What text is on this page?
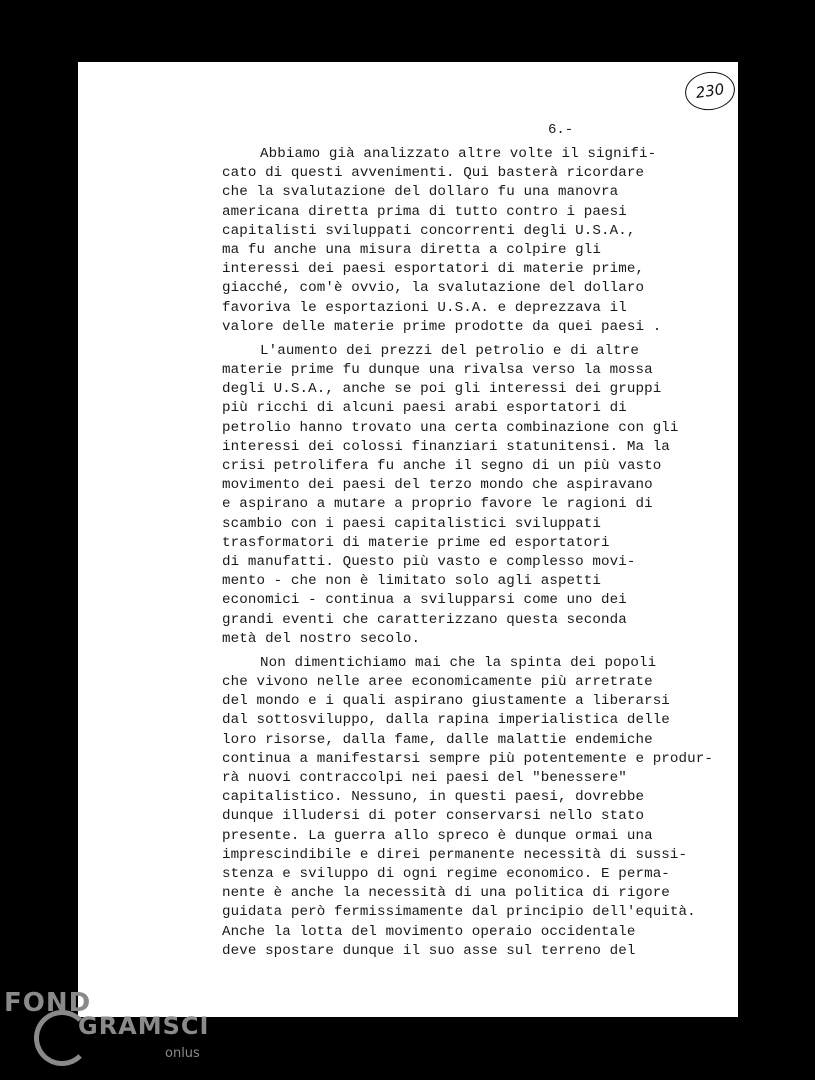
230
6.-
Abbiamo già analizzato altre volte il signifi-
cato di questi avvenimenti. Qui basterà ricordare
che la svalutazione del dollaro fu una manovra
americana diretta prima di tutto contro i paesi
capitalisti sviluppati concorrenti degli U.S.A.,
ma fu anche una misura diretta a colpire gli
interessi dei paesi esportatori di materie prime,
giacché, com'è ovvio, la svalutazione del dollaro
favoriva le esportazioni U.S.A. e deprezzava il
valore delle materie prime prodotte da quei paesi .
L'aumento dei prezzi del petrolio e di altre
materie prime fu dunque una rivalsa verso la mossa
degli U.S.A., anche se poi gli interessi dei gruppi
più ricchi di alcuni paesi arabi esportatori di
petrolio hanno trovato una certa combinazione con gli
interessi dei colossi finanziari statunitensi. Ma la
crisi petrolifera fu anche il segno di un più vasto
movimento dei paesi del terzo mondo che aspiravano
e aspirano a mutare a proprio favore le ragioni di
scambio con i paesi capitalistici sviluppati
trasformatori di materie prime ed esportatori
di manufatti. Questo più vasto e complesso movi-
mento - che non è limitato solo agli aspetti
economici - continua a svilupparsi come uno dei
grandi eventi che caratterizzano questa seconda
metà del nostro secolo.
Non dimentichiamo mai che la spinta dei popoli
che vivono nelle aree economicamente più arretrate
del mondo e i quali aspirano giustamente a liberarsi
dal sottosviluppo, dalla rapina imperialistica delle
loro risorse, dalla fame, dalle malattie endemiche
continua a manifestarsi sempre più potentemente e produr-
rà nuovi contraccolpi nei paesi del "benessere"
capitalistico. Nessuno, in questi paesi, dovrebbe
dunque illudersi di poter conservarsi nello stato
presente. La guerra allo spreco è dunque ormai una
imprescindibile e direi permanente necessità di sussi-
stenza e sviluppo di ogni regime economico. E perma-
nente è anche la necessità di una politica di rigore
guidata però fermissimamente dal principio dell'equità.
Anche la lotta del movimento operaio occidentale
deve spostare dunque il suo asse sul terreno del
FOND
GRAMSCI
onlus
